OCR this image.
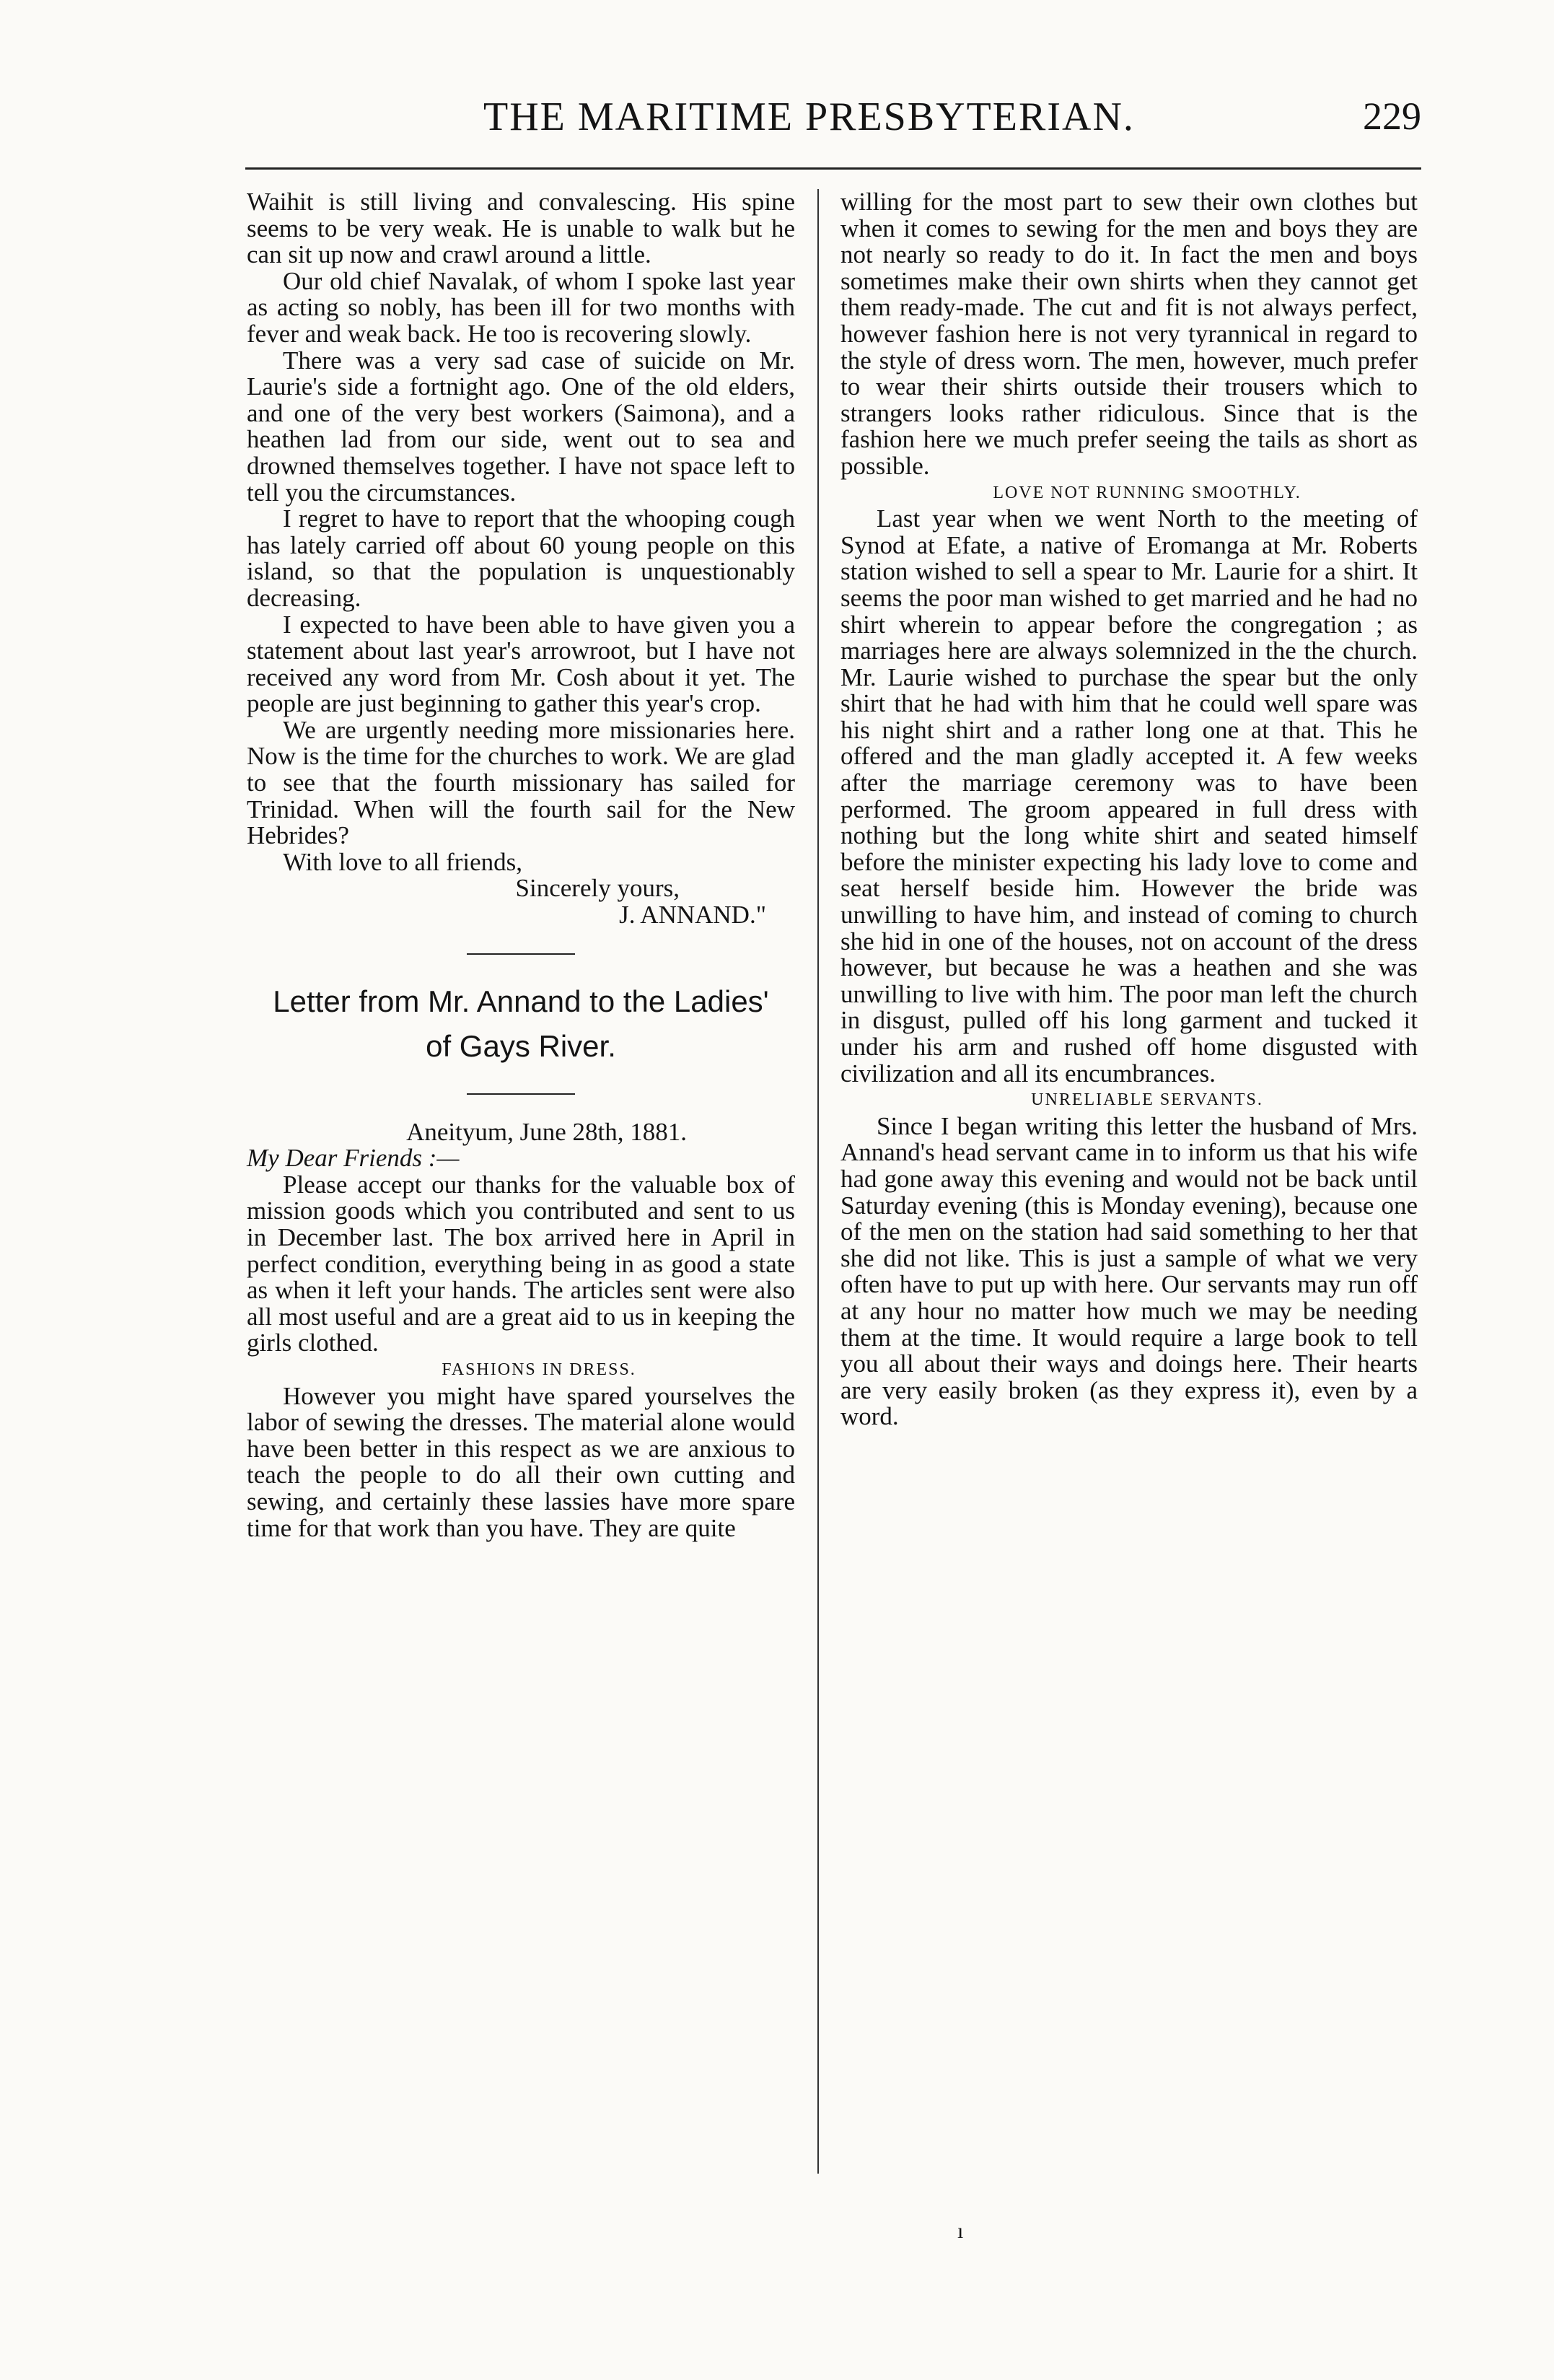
THE MARITIME PRESBYTERIAN.	229

Waihit is still living and convalescing. His spine seems to be very weak. He is unable to walk but he can sit up now and crawl around a little.

Our old chief Navalak, of whom I spoke last year as acting so nobly, has been ill for two months with fever and weak back. He too is recovering slowly.

There was a very sad case of suicide on Mr. Laurie's side a fortnight ago. One of the old elders, and one of the very best workers (Saimona), and a heathen lad from our side, went out to sea and drowned themselves together. I have not space left to tell you the circumstances.

I regret to have to report that the whooping cough has lately carried off about 60 young people on this island, so that the population is unquestionably decreasing.

I expected to have been able to have given you a statement about last year's arrowroot, but I have not received any word from Mr. Cosh about it yet. The people are just beginning to gather this year's crop.

We are urgently needing more missionaries here. Now is the time for the churches to work. We are glad to see that the fourth missionary has sailed for Trinidad. When will the fourth sail for the New Hebrides?

With love to all friends,

Sincerely yours,
J. ANNAND."
Letter from Mr. Annand to the Ladies' of Gays River.

Aneityum, June 28th, 1881.

My Dear Friends :—

Please accept our thanks for the valuable box of mission goods which you contributed and sent to us in December last. The box arrived here in April in perfect condition, everything being in as good a state as when it left your hands. The articles sent were also all most useful and are a great aid to us in keeping the girls clothed.

FASHIONS IN DRESS.

However you might have spared yourselves the labor of sewing the dresses. The material alone would have been better in this respect as we are anxious to teach the people to do all their own cutting and sewing, and certainly these lassies have more spare time for that work than you have. They are quite

willing for the most part to sew their own clothes but when it comes to sewing for the men and boys they are not nearly so ready to do it. In fact the men and boys sometimes make their own shirts when they cannot get them ready-made. The cut and fit is not always perfect, however fashion here is not very tyrannical in regard to the style of dress worn. The men, however, much prefer to wear their shirts outside their trousers which to strangers looks rather ridiculous. Since that is the fashion here we much prefer seeing the tails as short as possible.

LOVE NOT RUNNING SMOOTHLY.

Last year when we went North to the meeting of Synod at Efate, a native of Eromanga at Mr. Roberts station wished to sell a spear to Mr. Laurie for a shirt. It seems the poor man wished to get married and he had no shirt wherein to appear before the congregation ; as marriages here are always solemnized in the the church. Mr. Laurie wished to purchase the spear but the only shirt that he had with him that he could well spare was his night shirt and a rather long one at that. This he offered and the man gladly accepted it. A few weeks after the marriage ceremony was to have been performed. The groom appeared in full dress with nothing but the long white shirt and seated himself before the minister expecting his lady love to come and seat herself beside him. However the bride was unwilling to have him, and instead of coming to church she hid in one of the houses, not on account of the dress however, but because he was a heathen and she was unwilling to live with him. The poor man left the church in disgust, pulled off his long garment and tucked it under his arm and rushed off home disgusted with civilization and all its encumbrances.

UNRELIABLE SERVANTS.

Since I began writing this letter the husband of Mrs. Annand's head servant came in to inform us that his wife had gone away this evening and would not be back until Saturday evening (this is Monday evening), because one of the men on the station had said something to her that she did not like. This is just a sample of what we very often have to put up with here. Our servants may run off at any hour no matter how much we may be needing them at the time. It would require a large book to tell you all about their ways and doings here. Their hearts are very easily broken (as they express it), even by a word.

ı
